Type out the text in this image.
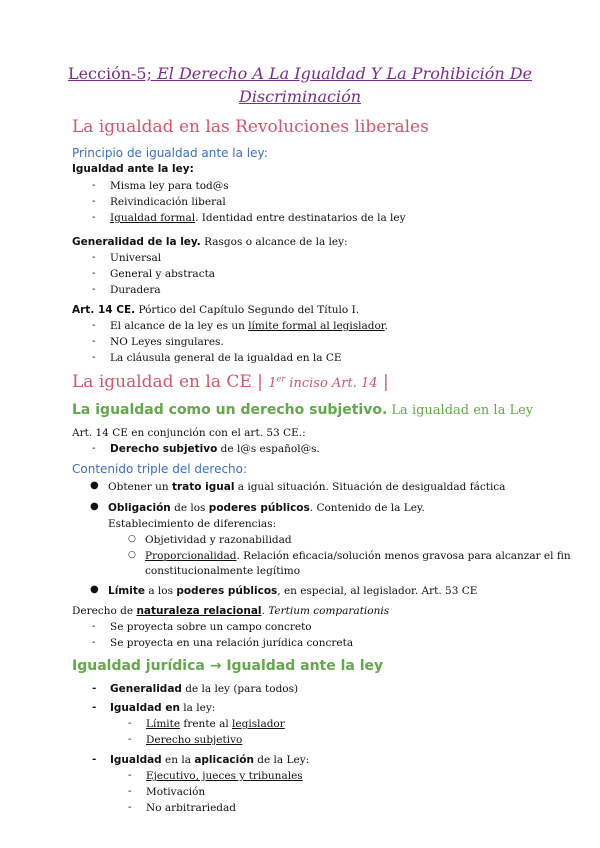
Lección-5; El Derecho A La Igualdad Y La Prohibición De
Discriminación
La igualdad en las Revoluciones liberales
Principio de igualdad ante la ley:
Igualdad ante la ley:
- Misma ley para tod@s
- Reivindicación liberal
- Igualdad formal. Identidad entre destinatarios de la ley
Generalidad de la ley. Rasgos o alcance de la ley:
- Universal
- General y abstracta
- Duradera
Art. 14 CE. Pórtico del Capítulo Segundo del Título I.
- El alcance de la ley es un límite formal al legislador.
- NO Leyes singulares.
- La cláusula general de la igualdad en la CE
La igualdad en la CE | 1er inciso Art. 14 |
La igualdad como un derecho subjetivo. La igualdad en la Ley
Art. 14 CE en conjunción con el art. 53 CE.:
- Derecho subjetivo de l@s español@s.
Contenido triple del derecho:
● Obtener un trato igual a igual situación. Situación de desigualdad fáctica
● Obligación de los poderes públicos. Contenido de la Ley.
Establecimiento de diferencias:
○ Objetividad y razonabilidad
○ Proporcionalidad. Relación eficacia/solución menos gravosa para alcanzar el fin
constitucionalmente legítimo
● Límite a los poderes públicos, en especial, al legislador. Art. 53 CE
Derecho de naturaleza relacional. Tertium comparationis
- Se proyecta sobre un campo concreto
- Se proyecta en una relación jurídica concreta
Igualdad jurídica → Igualdad ante la ley
- Generalidad de la ley (para todos)
- Igualdad en la ley:
- Límite frente al legislador
- Derecho subjetivo
- Igualdad en la aplicación de la Ley:
- Ejecutivo, jueces y tribunales
- Motivación
- No arbitrariedad
